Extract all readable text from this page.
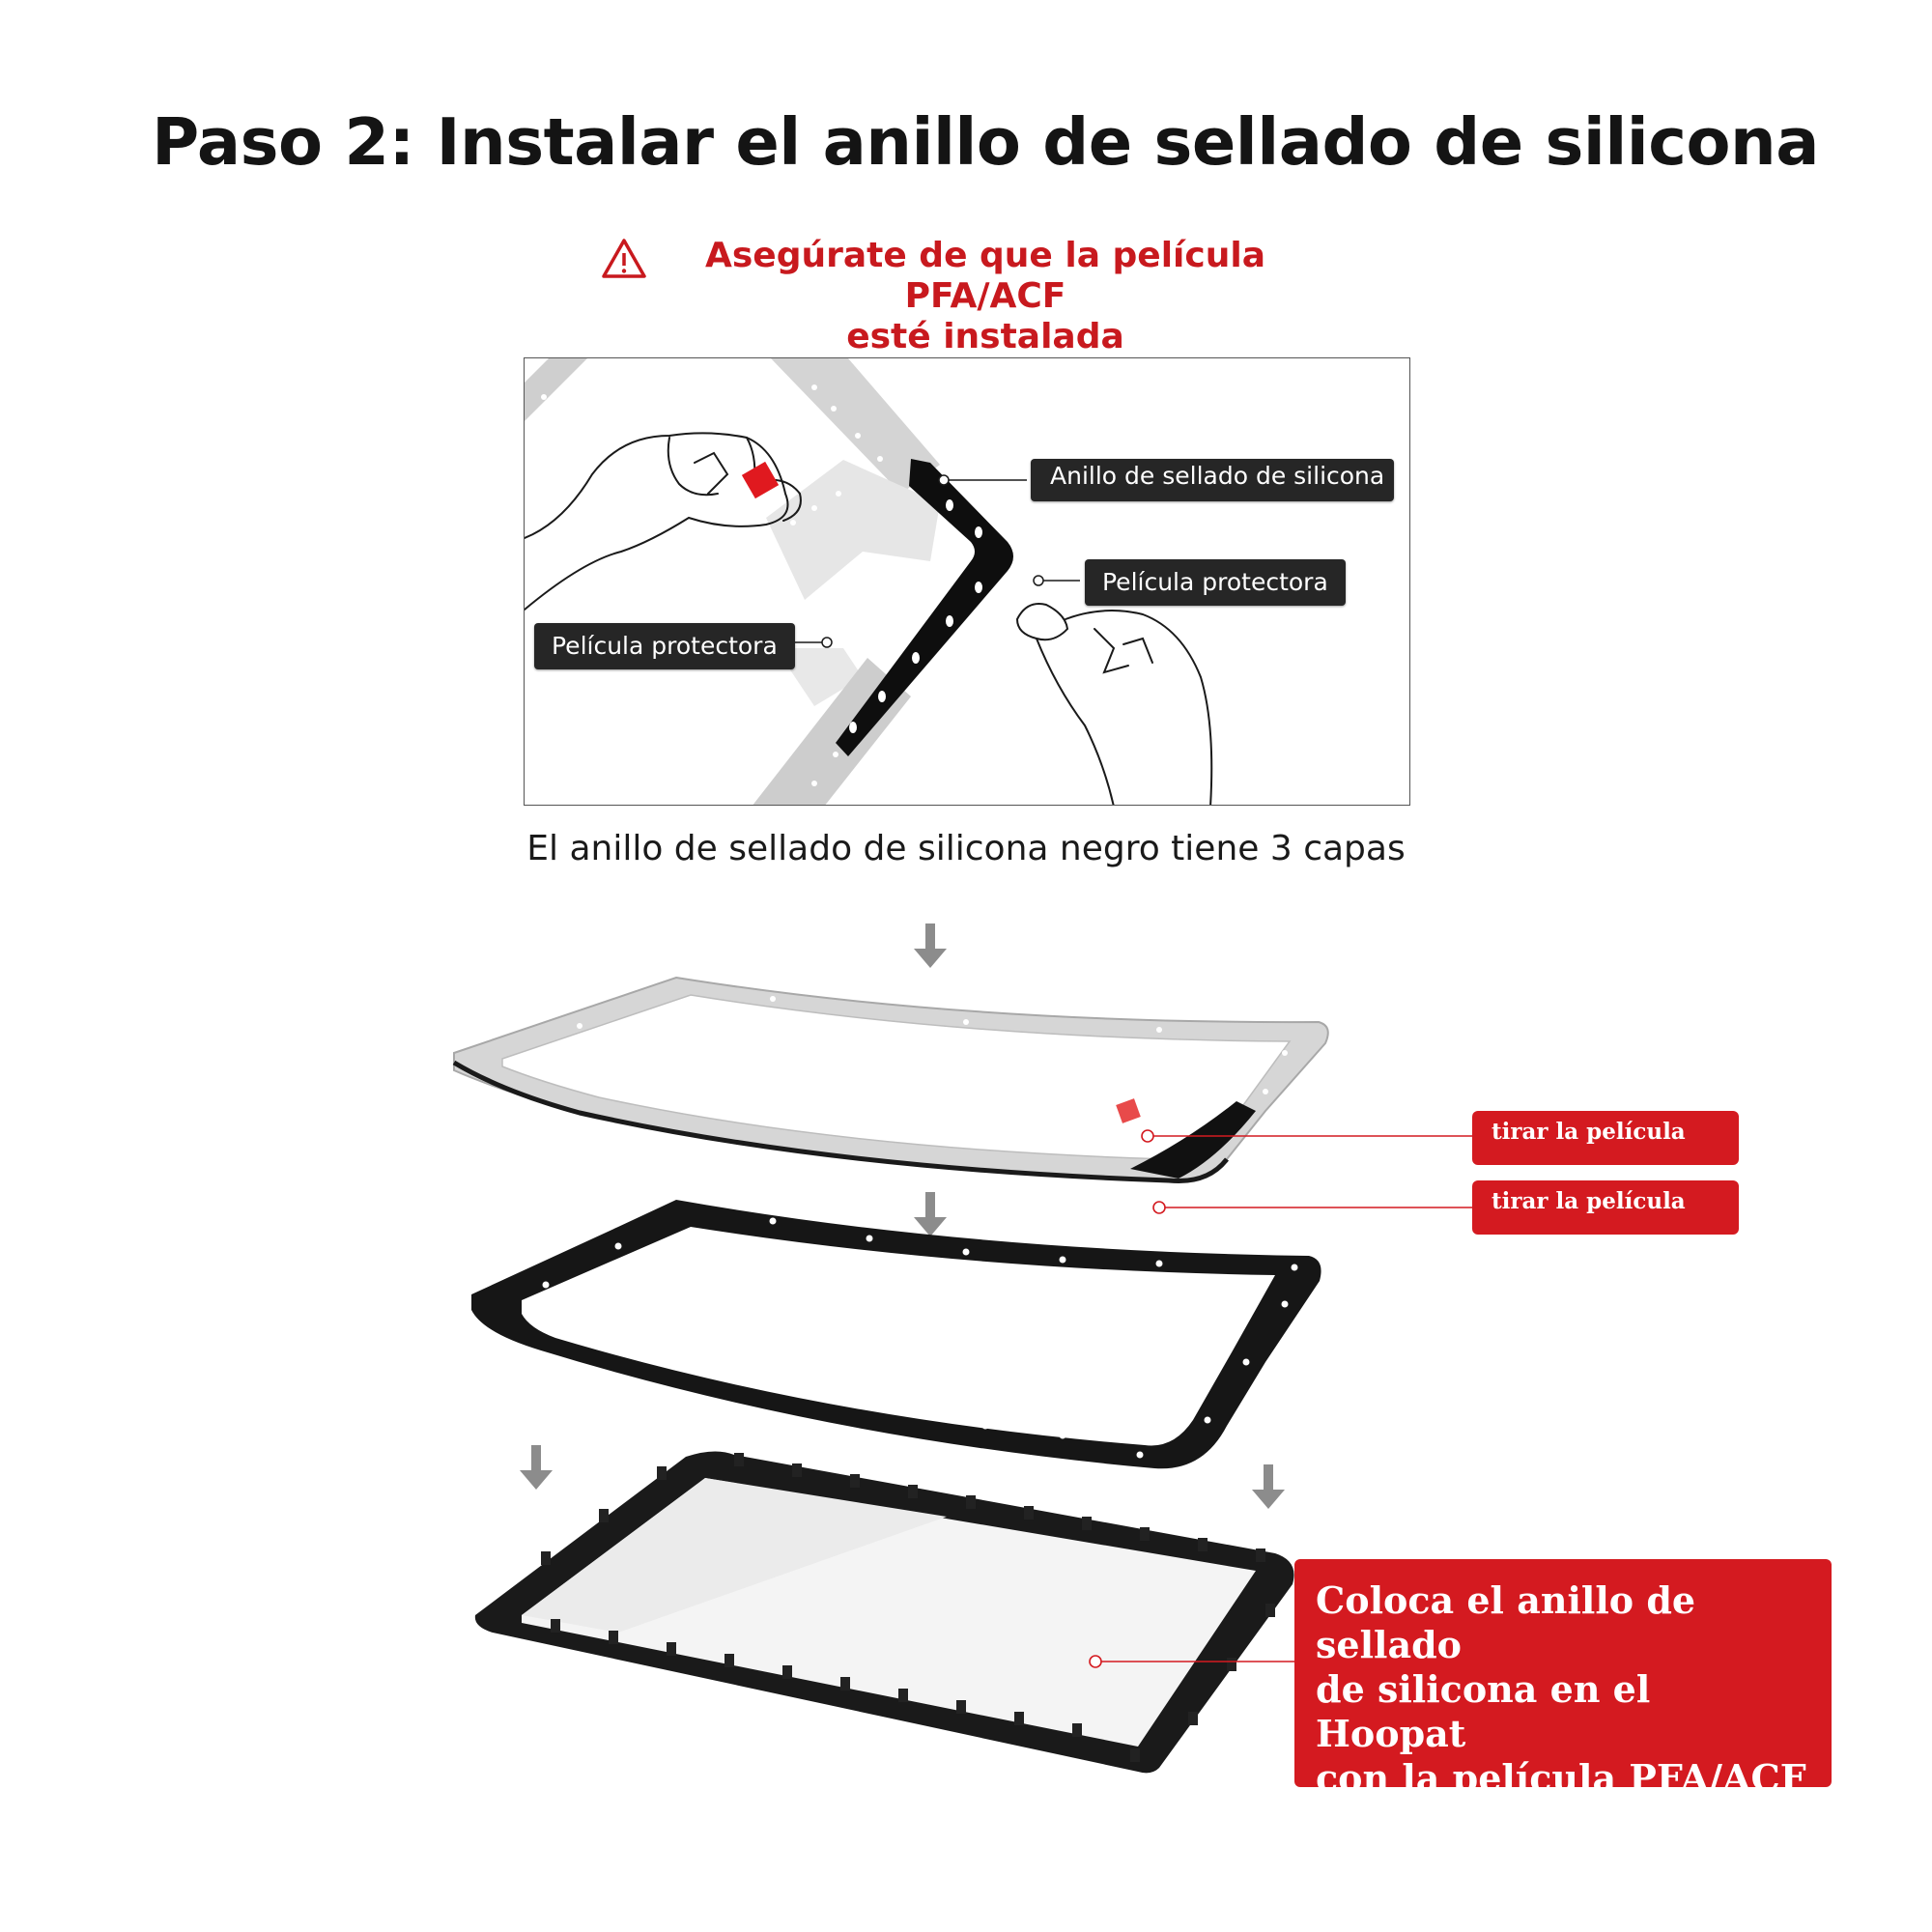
Paso 2: Instalar el anillo de sellado de silicona
Asegúrate de que la película PFA/ACF
esté instalada
Anillo de sellado de silicona
Película protectora
Película protectora
El anillo de sellado de silicona negro tiene 3 capas
tirar la película
tirar la película
Coloca el anillo de sellado
de silicona en el Hoopat
con la película PFA/ACF
preinstalada
